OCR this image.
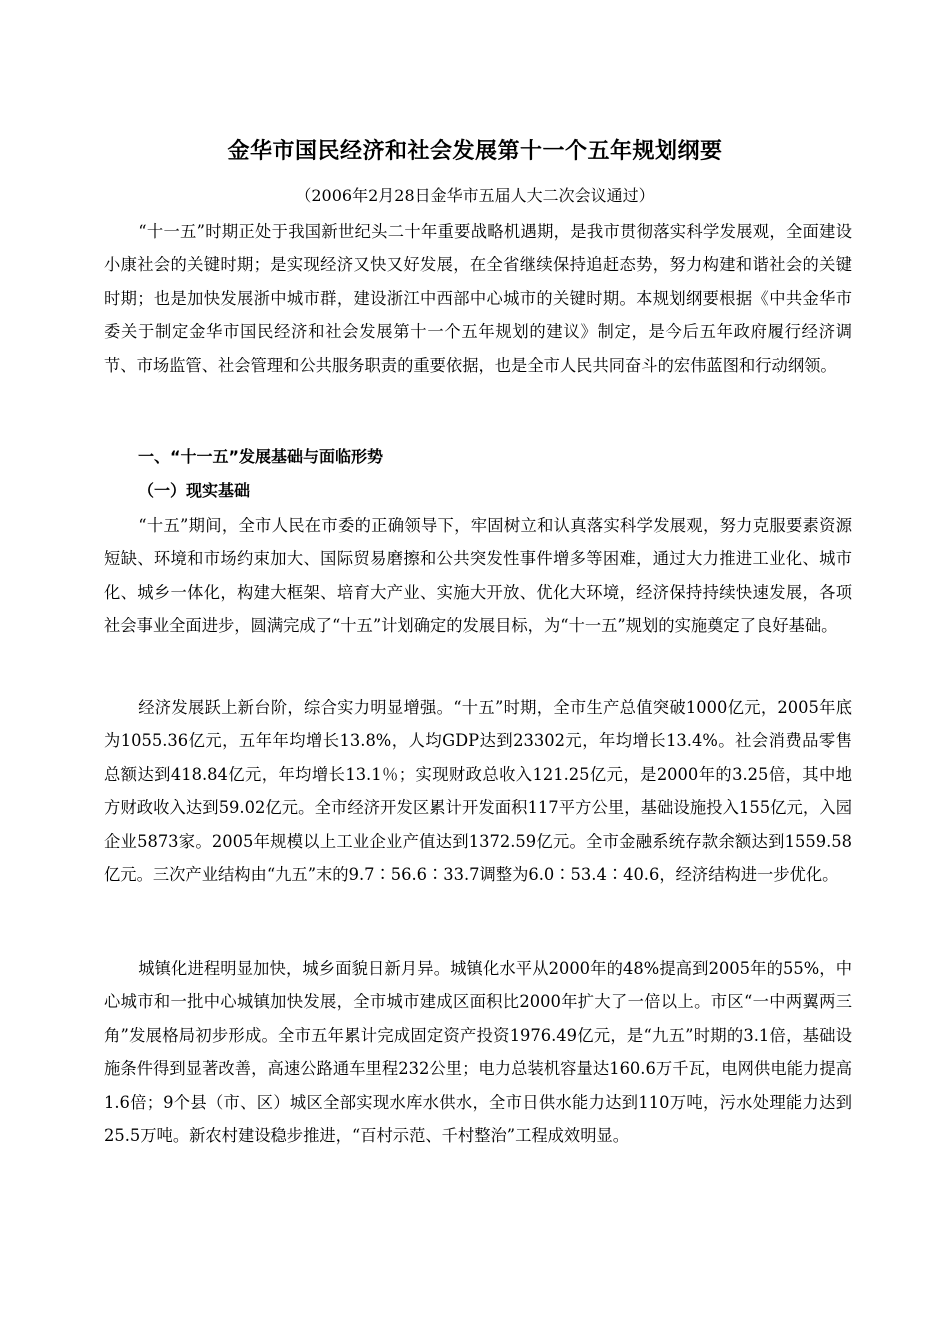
金华市国民经济和社会发展第十一个五年规划纲要
（2006年2月28日金华市五届人大二次会议通过）

“十一五”时期正处于我国新世纪头二十年重要战略机遇期，是我市贯彻落实科学发展观，全面建设小康社会的关键时期；是实现经济又快又好发展，在全省继续保持追赶态势，努力构建和谐社会的关键时期；也是加快发展浙中城市群，建设浙江中西部中心城市的关键时期。本规划纲要根据《中共金华市委关于制定金华市国民经济和社会发展第十一个五年规划的建议》制定，是今后五年政府履行经济调节、市场监管、社会管理和公共服务职责的重要依据，也是全市人民共同奋斗的宏伟蓝图和行动纲领。

一、“十一五”发展基础与面临形势

（一）现实基础

“十五”期间，全市人民在市委的正确领导下，牢固树立和认真落实科学发展观，努力克服要素资源短缺、环境和市场约束加大、国际贸易磨擦和公共突发性事件增多等困难，通过大力推进工业化、城市化、城乡一体化，构建大框架、培育大产业、实施大开放、优化大环境，经济保持持续快速发展，各项社会事业全面进步，圆满完成了“十五”计划确定的发展目标，为“十一五”规划的实施奠定了良好基础。

经济发展跃上新台阶，综合实力明显增强。“十五”时期，全市生产总值突破1000亿元，2005年底为1055.36亿元，五年年均增长13.8%，人均GDP达到23302元，年均增长13.4%。社会消费品零售总额达到418.84亿元，年均增长13.1％；实现财政总收入121.25亿元，是2000年的3.25倍，其中地方财政收入达到59.02亿元。全市经济开发区累计开发面积117平方公里，基础设施投入155亿元，入园企业5873家。2005年规模以上工业企业产值达到1372.59亿元。全市金融系统存款余额达到1559.58亿元。三次产业结构由“九五”末的9.7∶56.6∶33.7调整为6.0∶53.4∶40.6，经济结构进一步优化。

城镇化进程明显加快，城乡面貌日新月异。城镇化水平从2000年的48%提高到2005年的55%，中心城市和一批中心城镇加快发展，全市城市建成区面积比2000年扩大了一倍以上。市区“一中两翼两三角”发展格局初步形成。全市五年累计完成固定资产投资1976.49亿元，是“九五”时期的3.1倍，基础设施条件得到显著改善，高速公路通车里程232公里；电力总装机容量达160.6万千瓦，电网供电能力提高1.6倍；9个县（市、区）城区全部实现水库水供水，全市日供水能力达到110万吨，污水处理能力达到25.5万吨。新农村建设稳步推进，“百村示范、千村整治”工程成效明显。
